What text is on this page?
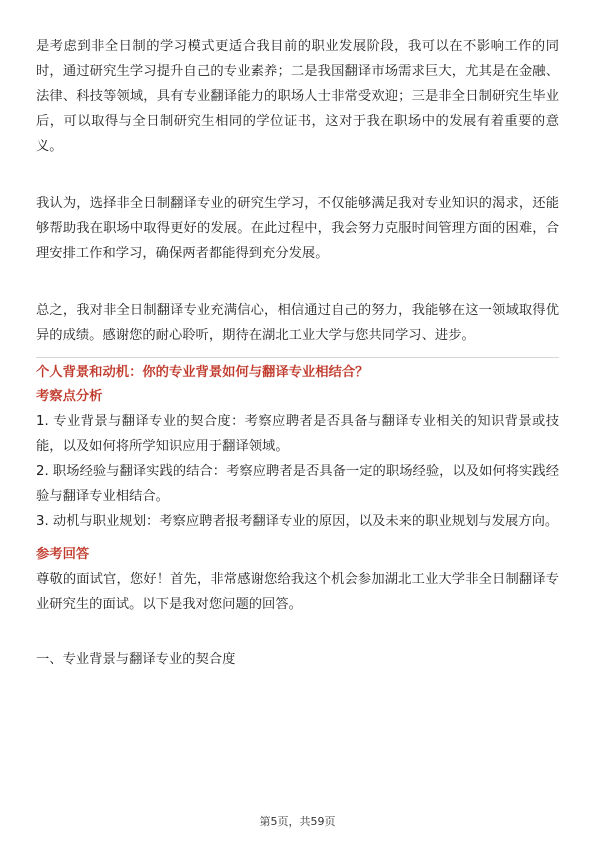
是考虑到非全日制的学习模式更适合我目前的职业发展阶段，我可以在不影响工作的同时，通过研究生学习提升自己的专业素养；二是我国翻译市场需求巨大，尤其是在金融、法律、科技等领域，具有专业翻译能力的职场人士非常受欢迎；三是非全日制研究生毕业后，可以取得与全日制研究生相同的学位证书，这对于我在职场中的发展有着重要的意义。

我认为，选择非全日制翻译专业的研究生学习，不仅能够满足我对专业知识的渴求，还能够帮助我在职场中取得更好的发展。在此过程中，我会努力克服时间管理方面的困难，合理安排工作和学习，确保两者都能得到充分发展。

总之，我对非全日制翻译专业充满信心，相信通过自己的努力，我能够在这一领域取得优异的成绩。感谢您的耐心聆听，期待在湖北工业大学与您共同学习、进步。

个人背景和动机：你的专业背景如何与翻译专业相结合？

考察点分析

1. 专业背景与翻译专业的契合度：考察应聘者是否具备与翻译专业相关的知识背景或技能，以及如何将所学知识应用于翻译领域。

2. 职场经验与翻译实践的结合：考察应聘者是否具备一定的职场经验，以及如何将实践经验与翻译专业相结合。

3. 动机与职业规划：考察应聘者报考翻译专业的原因，以及未来的职业规划与发展方向。

参考回答

尊敬的面试官，您好！首先，非常感谢您给我这个机会参加湖北工业大学非全日制翻译专业研究生的面试。以下是我对您问题的回答。

一、专业背景与翻译专业的契合度

第5页，共59页
